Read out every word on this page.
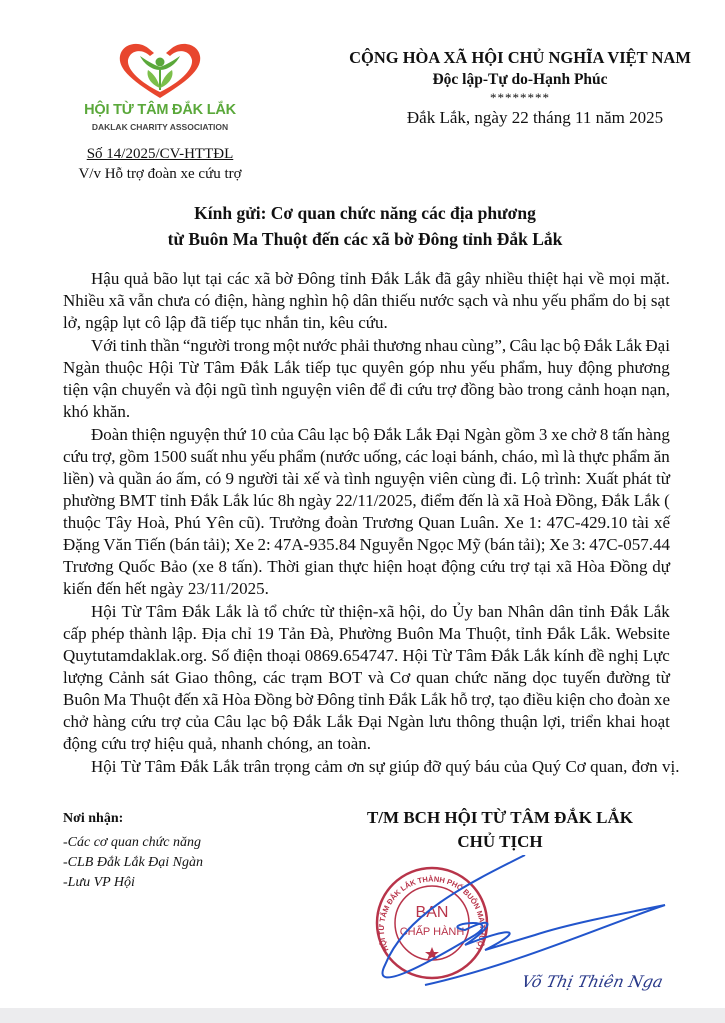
HỘI TỪ TÂM ĐẮK LẮK
DAKLAK CHARITY ASSOCIATION
Số 14/2025/CV-HTTĐL
V/v Hỗ trợ đoàn xe cứu trợ
CỘNG HÒA XÃ HỘI CHỦ NGHĨA VIỆT NAM
Độc lập-Tự do-Hạnh Phúc
********
Đắk Lắk, ngày 22 tháng 11 năm 2025
Kính gửi: Cơ quan chức năng các địa phương
từ Buôn Ma Thuột đến các xã bờ Đông tỉnh Đắk Lắk
Hậu quả bão lụt tại các xã bờ Đông tỉnh Đắk Lắk đã gây nhiều thiệt hại về mọi mặt.
Nhiều xã vẫn chưa có điện, hàng nghìn hộ dân thiếu nước sạch và nhu yếu phẩm do bị sạt
lở, ngập lụt cô lập đã tiếp tục nhắn tin, kêu cứu.
Với tinh thần “người trong một nước phải thương nhau cùng”, Câu lạc bộ Đắk Lắk Đại
Ngàn thuộc Hội Từ Tâm Đắk Lắk tiếp tục quyên góp nhu yếu phẩm, huy động phương
tiện vận chuyển và đội ngũ tình nguyện viên để đi cứu trợ đồng bào trong cảnh hoạn nạn,
khó khăn.
Đoàn thiện nguyện thứ 10 của Câu lạc bộ Đắk Lắk Đại Ngàn gồm 3 xe chở 8 tấn hàng
cứu trợ, gồm 1500 suất nhu yếu phẩm (nước uống, các loại bánh, cháo, mì là thực phẩm ăn
liền) và quần áo ấm, có 9 người tài xế và tình nguyện viên cùng đi. Lộ trình: Xuất phát từ
phường BMT tỉnh Đắk Lắk lúc 8h ngày 22/11/2025, điểm đến là xã Hoà Đồng, Đắk Lắk (
thuộc Tây Hoà, Phú Yên cũ). Trưởng đoàn Trương Quan Luân. Xe 1: 47C-429.10 tài xế
Đặng Văn Tiến (bán tải); Xe 2: 47A-935.84 Nguyễn Ngọc Mỹ (bán tải); Xe 3: 47C-057.44
Trương Quốc Bảo (xe 8 tấn). Thời gian thực hiện hoạt động cứu trợ tại xã Hòa Đồng dự
kiến đến hết ngày 23/11/2025.
Hội Từ Tâm Đắk Lắk là tổ chức từ thiện-xã hội, do Ủy ban Nhân dân tỉnh Đắk Lắk
cấp phép thành lập. Địa chỉ 19 Tản Đà, Phường Buôn Ma Thuột, tỉnh Đắk Lắk. Website
Quytutamdaklak.org. Số điện thoại 0869.654747. Hội Từ Tâm Đắk Lắk kính đề nghị Lực
lượng Cảnh sát Giao thông, các trạm BOT và Cơ quan chức năng dọc tuyến đường từ
Buôn Ma Thuột đến xã Hòa Đồng bờ Đông tỉnh Đắk Lắk hỗ trợ, tạo điều kiện cho đoàn xe
chở hàng cứu trợ của Câu lạc bộ Đắk Lắk Đại Ngàn lưu thông thuận lợi, triển khai hoạt
động cứu trợ hiệu quả, nhanh chóng, an toàn.
Hội Từ Tâm Đắk Lắk trân trọng cảm ơn sự giúp đỡ quý báu của Quý Cơ quan, đơn vị.
Nơi nhận:
-Các cơ quan chức năng
-CLB Đắk Lắk Đại Ngàn
-Lưu VP Hội
T/M BCH HỘI TỪ TÂM ĐẮK LẮK
CHỦ TỊCH
HỘI TỪ TÂM ĐẮK LẮK THÀNH PHỐ BUÔN MA THUỘT
BAN
CHẤP HÀNH
Võ Thị Thiên Nga
